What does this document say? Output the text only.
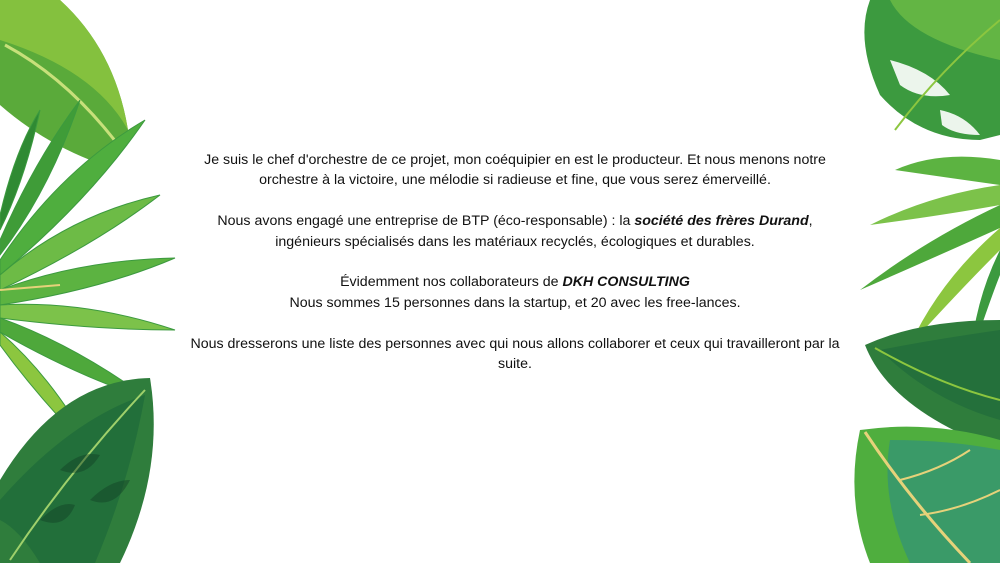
Je suis le chef d'orchestre de ce projet, mon coéquipier en est le producteur. Et nous menons notre orchestre à la victoire, une mélodie si radieuse et fine, que vous serez émerveillé.

Nous avons engagé une entreprise de BTP (éco-responsable) : la société des frères Durand, ingénieurs spécialisés dans les matériaux recyclés, écologiques et durables.

Évidemment nos collaborateurs de DKH CONSULTING
Nous sommes 15 personnes dans la startup, et 20 avec les free-lances.

Nous dresserons une liste des personnes avec qui nous allons collaborer et ceux qui travailleront par la suite.
